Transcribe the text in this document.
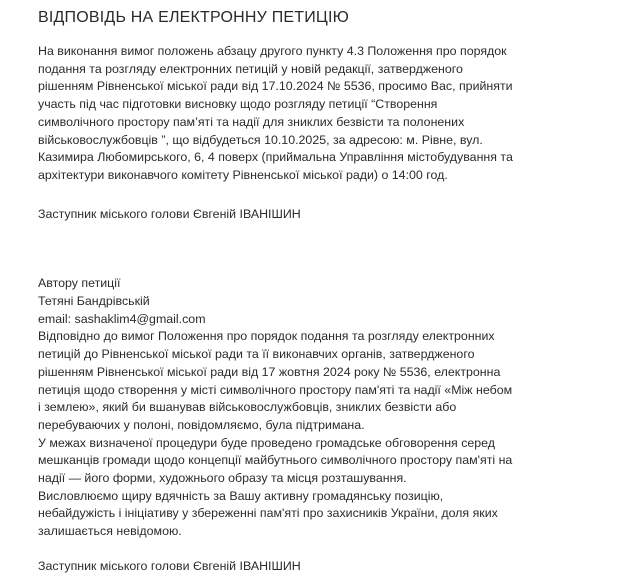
ВІДПОВІДЬ НА ЕЛЕКТРОННУ ПЕТИЦІЮ
На виконання вимог положень абзацу другого пункту 4.3 Положення про порядок
подання та розгляду електронних петицій у новій редакції, затвердженого
рішенням Рівненської міської ради від 17.10.2024 № 5536, просимо Вас, прийняти
участь під час підготовки висновку щодо розгляду петиції “Створення
символічного простору пам’яті та надії для зниклих безвісти та полонених
військовослужбовців ”, що відбудеться 10.10.2025, за адресою: м. Рівне, вул.
Казимира Любомирського, 6, 4 поверх (приймальна Управління містобудування та
архітектури виконавчого комітету Рівненської міської ради) о 14:00 год.
Заступник міського голови Євгеній ІВАНІШИН
Автору петиції
Тетяні Бандрівській
email: sashaklim4@gmail.com
Відповідно до вимог Положення про порядок подання та розгляду електронних
петицій до Рівненської міської ради та її виконавчих органів, затвердженого
рішенням Рівненської міської ради від 17 жовтня 2024 року № 5536, електронна
петиція щодо створення у місті символічного простору пам'яті та надії «Між небом
і землею», який би вшанував військовослужбовців, зниклих безвісти або
перебуваючих у полоні, повідомляємо, була підтримана.
У межах визначеної процедури буде проведено громадське обговорення серед
мешканців громади щодо концепції майбутнього символічного простору пам'яті на
надії — його форми, художнього образу та місця розташування.
Висловлюємо щиру вдячність за Вашу активну громадянську позицію,
небайдужість і ініціативу у збереженні пам'яті про захисників України, доля яких
залишається невідомою.
Заступник міського голови Євгеній ІВАНІШИН
